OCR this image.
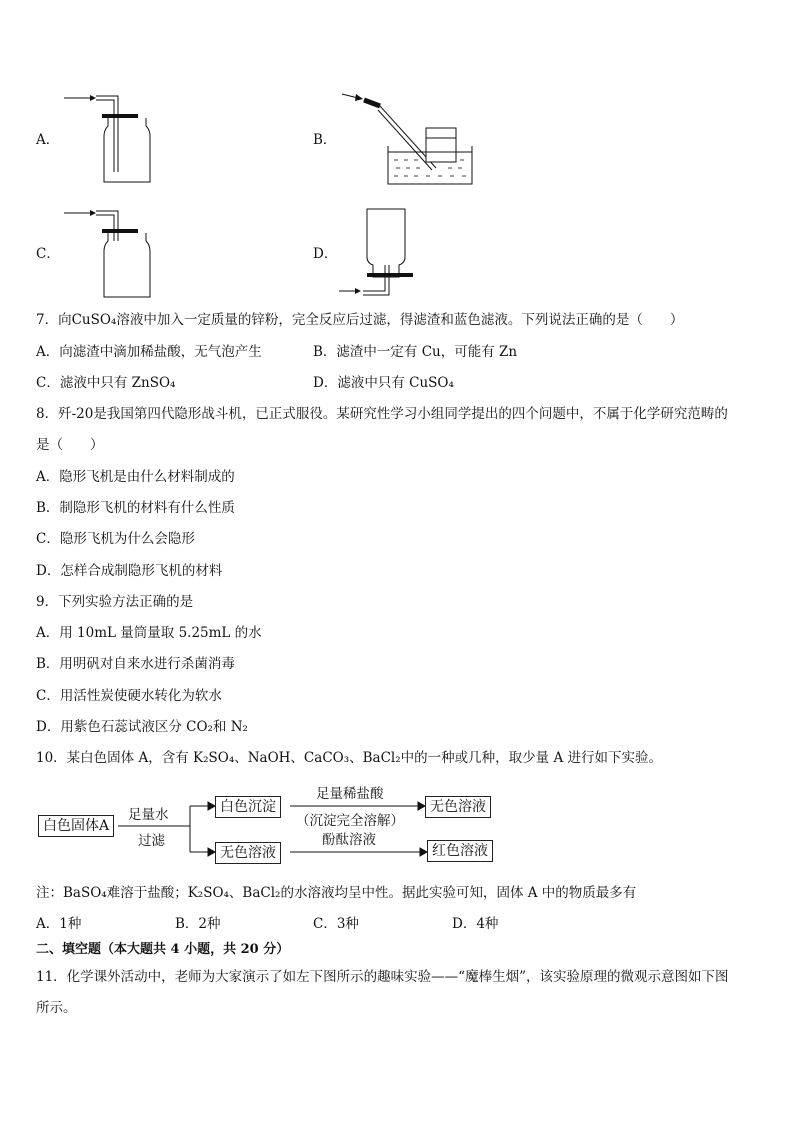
A．	B．
C．	D．
7．向CuSO₄溶液中加入一定质量的锌粉，完全反应后过滤，得滤渣和蓝色滤液。下列说法正确的是（　　）
A．向滤渣中滴加稀盐酸，无气泡产生	B．滤渣中一定有 Cu，可能有 Zn
C．滤液中只有 ZnSO₄	D．滤液中只有 CuSO₄
8．歼-20是我国第四代隐形战斗机，已正式服役。某研究性学习小组同学提出的四个问题中，不属于化学研究范畴的
是（　　）
A．隐形飞机是由什么材料制成的
B．制隐形飞机的材料有什么性质
C．隐形飞机为什么会隐形
D．怎样合成制隐形飞机的材料
9．下列实验方法正确的是
A．用 10mL 量筒量取 5.25mL 的水
B．用明矾对自来水进行杀菌消毒
C．用活性炭使硬水转化为软水
D．用紫色石蕊试液区分 CO₂和 N₂
10．某白色固体 A，含有 K₂SO₄、NaOH、CaCO₃、BaCl₂中的一种或几种，取少量 A 进行如下实验。
白色固体A
足量水
过滤
白色沉淀
无色溶液
足量稀盐酸
（沉淀完全溶解）
无色溶液
酚酞溶液
红色溶液
注：BaSO₄难溶于盐酸；K₂SO₄、BaCl₂的水溶液均呈中性。据此实验可知，固体 A 中的物质最多有
A．1种	B．2种	C．3种	D．4种
二、填空题（本大题共 4 小题，共 20 分）
11．化学课外活动中，老师为大家演示了如左下图所示的趣味实验——“魔棒生烟”，该实验原理的微观示意图如下图
所示。
